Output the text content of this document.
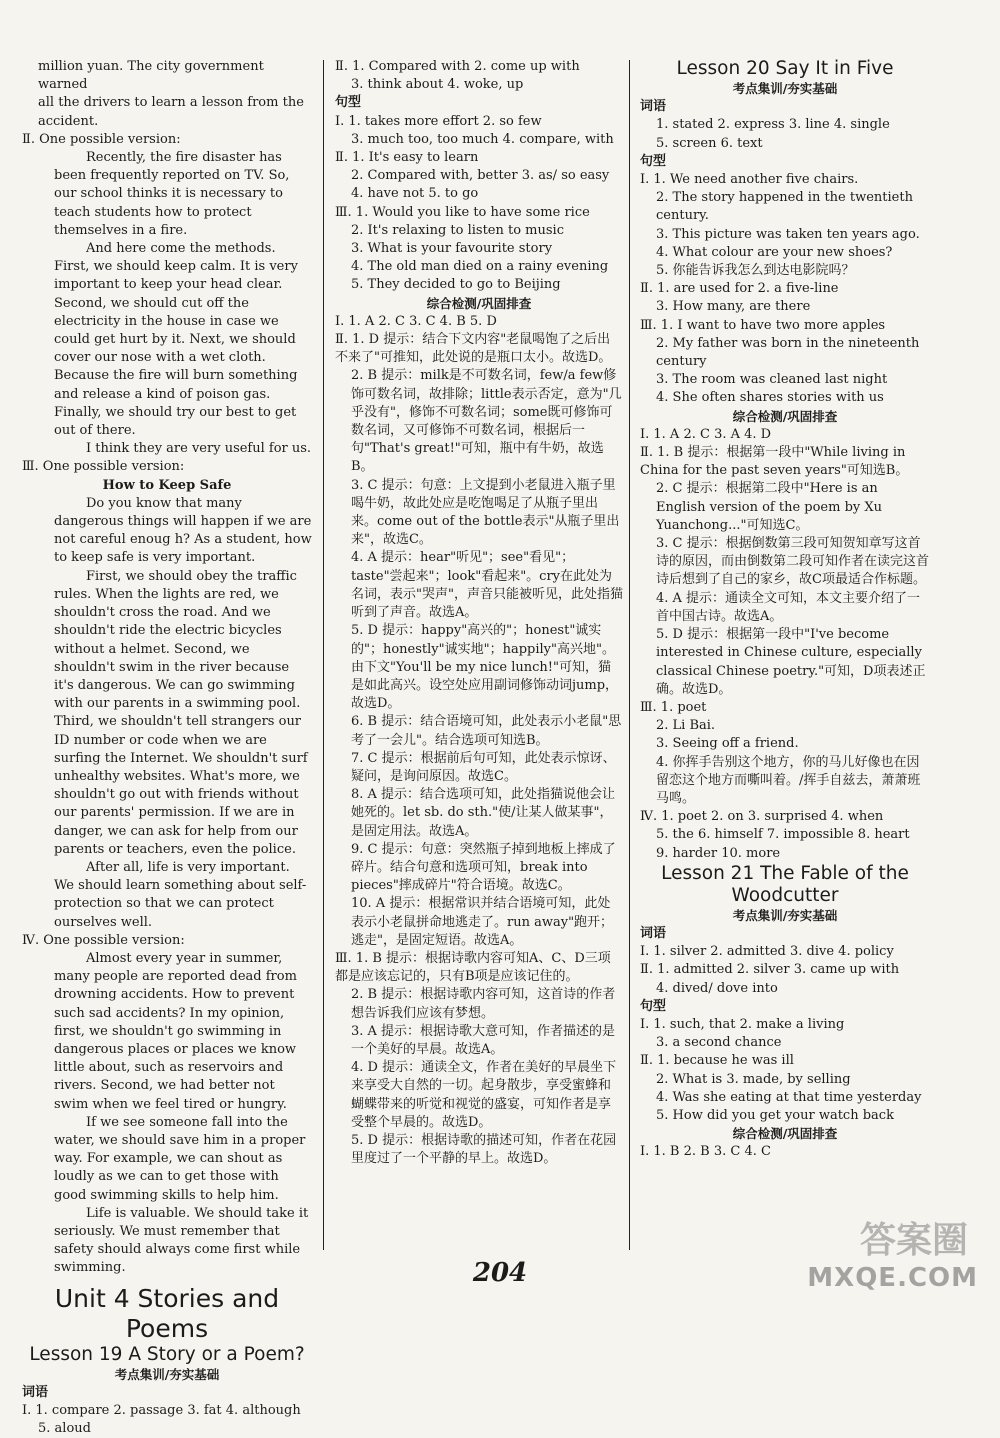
million yuan. The city government warned
all the drivers to learn a lesson from the
accident.
Ⅱ. One possible version:
Recently, the fire disaster has been frequently reported on TV. So, our school thinks it is necessary to teach students how to protect themselves in a fire.
And here come the methods. First, we should keep calm. It is very important to keep your head clear. Second, we should cut off the electricity in the house in case we could get hurt by it. Next, we should cover our nose with a wet cloth. Because the fire will burn something and release a kind of poison gas. Finally, we should try our best to get out of there.
I think they are very useful for us.
Ⅲ. One possible version:
How to Keep Safe
Do you know that many dangerous things will happen if we are not careful enoug h? As a student, how to keep safe is very important.
First, we should obey the traffic rules. When the lights are red, we shouldn't cross the road. And we shouldn't ride the electric bicycles without a helmet. Second, we shouldn't swim in the river because it's dangerous. We can go swimming with our parents in a swimming pool. Third, we shouldn't tell strangers our ID number or code when we are surfing the Internet. We shouldn't surf unhealthy websites. What's more, we shouldn't go out with friends without our parents' permission. If we are in danger, we can ask for help from our parents or teachers, even the police.
After all, life is very important. We should learn something about self-protection so that we can protect ourselves well.
Ⅳ. One possible version:
Almost every year in summer, many people are reported dead from drowning accidents. How to prevent such sad accidents? In my opinion, first, we shouldn't go swimming in dangerous places or places we know little about, such as reservoirs and rivers. Second, we had better not swim when we feel tired or hungry.
If we see someone fall into the water, we should save him in a proper way. For example, we can shout as loudly as we can to get those with good swimming skills to help him.
Life is valuable. We should take it seriously. We must remember that safety should always come first while swimming.
Unit 4 Stories and Poems
Lesson 19 A Story or a Poem?
考点集训/夯实基础
词语
Ⅰ. 1. compare 2. passage 3. fat 4. although
5. aloud
Ⅱ. 1. Compared with 2. come up with
3. think about 4. woke, up
句型
Ⅰ. 1. takes more effort 2. so few
3. much too, too much 4. compare, with
Ⅱ. 1. It's easy to learn
2. Compared with, better 3. as/ so easy
4. have not 5. to go
Ⅲ. 1. Would you like to have some rice
2. It's relaxing to listen to music
3. What is your favourite story
4. The old man died on a rainy evening
5. They decided to go to Beijing
综合检测/巩固排查
Ⅰ. 1. A 2. C 3. C 4. B 5. D
Ⅱ. 1. D 提示：结合下文内容"老鼠喝饱了之后出不来了"可推知，此处说的是瓶口太小。故选D。
2. B 提示：milk是不可数名词，few/a few修饰可数名词，故排除；little表示否定，意为"几乎没有"，修饰不可数名词；some既可修饰可数名词，又可修饰不可数名词，根据后一句"That's great!"可知，瓶中有牛奶，故选B。
3. C 提示：句意：上文提到小老鼠进入瓶子里喝牛奶，故此处应是吃饱喝足了从瓶子里出来。come out of the bottle表示"从瓶子里出来"，故选C。
4. A 提示：hear"听见"；see"看见"；taste"尝起来"；look"看起来"。cry在此处为名词，表示"哭声"，声音只能被听见，此处指猫听到了声音。故选A。
5. D 提示：happy"高兴的"；honest"诚实的"；honestly"诚实地"；happily"高兴地"。由下文"You'll be my nice lunch!"可知，猫是如此高兴。设空处应用副词修饰动词jump，故选D。
6. B 提示：结合语境可知，此处表示小老鼠"思考了一会儿"。结合选项可知选B。
7. C 提示：根据前后句可知，此处表示惊讶、疑问，是询问原因。故选C。
8. A 提示：结合选项可知，此处指猫说他会让她死的。let sb. do sth."使/让某人做某事"，是固定用法。故选A。
9. C 提示：句意：突然瓶子掉到地板上摔成了碎片。结合句意和选项可知，break into pieces"摔成碎片"符合语境。故选C。
10. A 提示：根据常识并结合语境可知，此处表示小老鼠拼命地逃走了。run away"跑开；逃走"，是固定短语。故选A。
Ⅲ. 1. B 提示：根据诗歌内容可知A、C、D三项都是应该忘记的，只有B项是应该记住的。
2. B 提示：根据诗歌内容可知，这首诗的作者想告诉我们应该有梦想。
3. A 提示：根据诗歌大意可知，作者描述的是一个美好的早晨。故选A。
4. D 提示：通读全文，作者在美好的早晨坐下来享受大自然的一切。起身散步，享受蜜蜂和蝴蝶带来的听觉和视觉的盛宴，可知作者是享受整个早晨的。故选D。
5. D 提示：根据诗歌的描述可知，作者在花园里度过了一个平静的早上。故选D。
Lesson 20 Say It in Five
考点集训/夯实基础
词语
1. stated 2. express 3. line 4. single
5. screen 6. text
句型
Ⅰ. 1. We need another five chairs.
2. The story happened in the twentieth century.
3. This picture was taken ten years ago.
4. What colour are your new shoes?
5. 你能告诉我怎么到达电影院吗？
Ⅱ. 1. are used for 2. a five-line
3. How many, are there
Ⅲ. 1. I want to have two more apples
2. My father was born in the nineteenth century
3. The room was cleaned last night
4. She often shares stories with us
综合检测/巩固排查
Ⅰ. 1. A 2. C 3. A 4. D
Ⅱ. 1. B 提示：根据第一段中"While living in China for the past seven years"可知选B。
2. C 提示：根据第二段中"Here is an English version of the poem by Xu Yuanchong..."可知选C。
3. C 提示：根据倒数第三段可知贺知章写这首诗的原因，而由倒数第二段可知作者在读完这首诗后想到了自己的家乡，故C项最适合作标题。
4. A 提示：通读全文可知，本文主要介绍了一首中国古诗。故选A。
5. D 提示：根据第一段中"I've become interested in Chinese culture, especially classical Chinese poetry."可知，D项表述正确。故选D。
Ⅲ. 1. poet
2. Li Bai.
3. Seeing off a friend.
4. 你挥手告别这个地方，你的马儿好像也在因留恋这个地方而嘶叫着。/挥手自兹去，萧萧班马鸣。
Ⅳ. 1. poet 2. on 3. surprised 4. when
5. the 6. himself 7. impossible 8. heart
9. harder 10. more
Lesson 21 The Fable of the Woodcutter
考点集训/夯实基础
词语
Ⅰ. 1. silver 2. admitted 3. dive 4. policy
Ⅱ. 1. admitted 2. silver 3. came up with
4. dived/ dove into
句型
Ⅰ. 1. such, that 2. make a living
3. a second chance
Ⅱ. 1. because he was ill
2. What is 3. made, by selling
4. Was she eating at that time yesterday
5. How did you get your watch back
综合检测/巩固排查
Ⅰ. 1. B 2. B 3. C 4. C
204
答案圈
MXQE.COM
